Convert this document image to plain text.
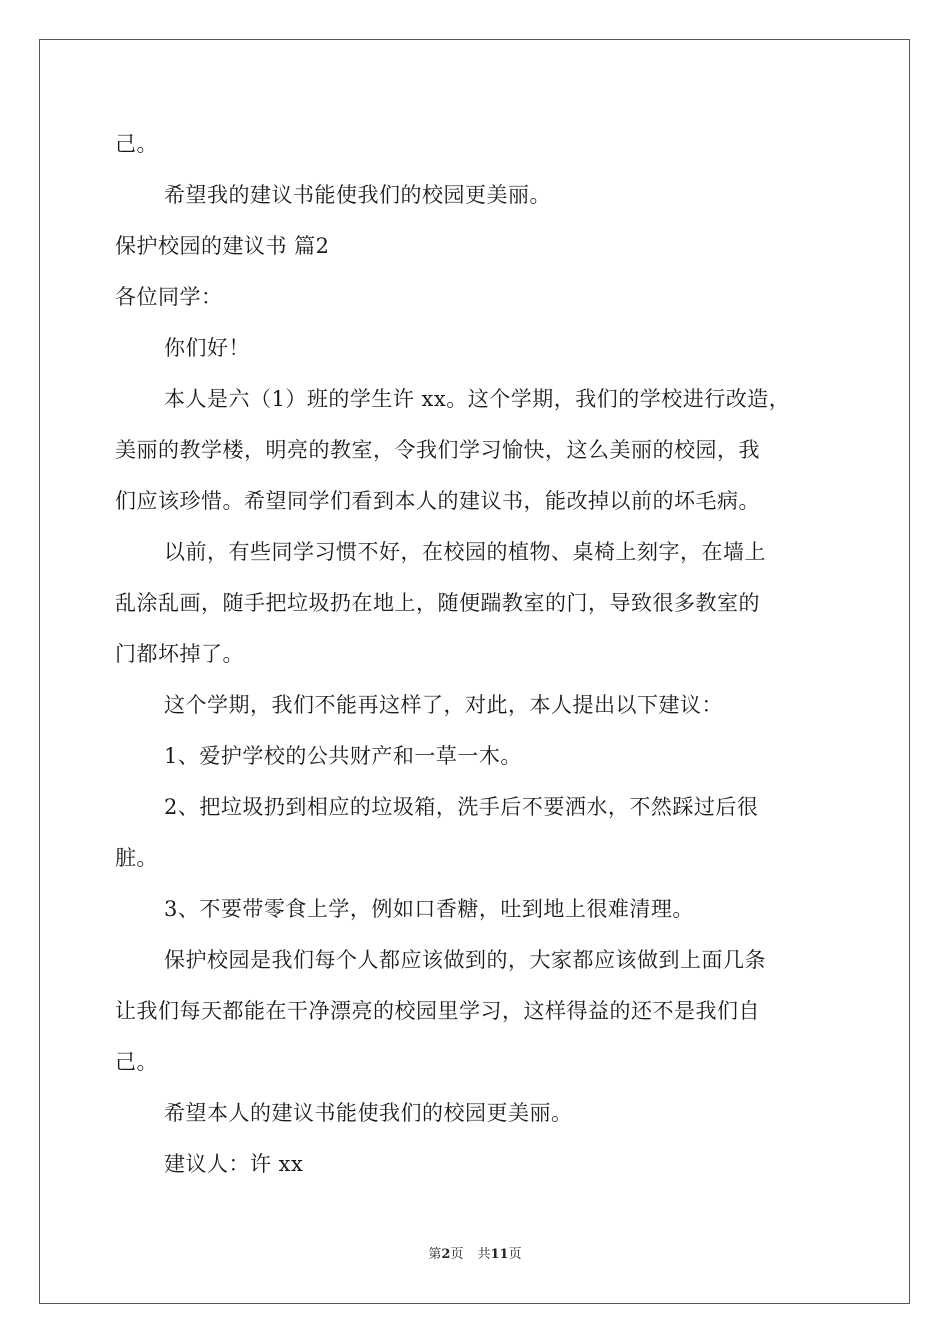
己。
希望我的建议书能使我们的校园更美丽。
保护校园的建议书 篇2
各位同学：
你们好！
本人是六（1）班的学生许 xx。这个学期，我们的学校进行改造，
美丽的教学楼，明亮的教室，令我们学习愉快，这么美丽的校园，我
们应该珍惜。希望同学们看到本人的建议书，能改掉以前的坏毛病。
以前，有些同学习惯不好，在校园的植物、桌椅上刻字，在墙上
乱涂乱画，随手把垃圾扔在地上，随便踹教室的门，导致很多教室的
门都坏掉了。
这个学期，我们不能再这样了，对此，本人提出以下建议：
1、爱护学校的公共财产和一草一木。
2、把垃圾扔到相应的垃圾箱，洗手后不要洒水，不然踩过后很
脏。
3、不要带零食上学，例如口香糖，吐到地上很难清理。
保护校园是我们每个人都应该做到的，大家都应该做到上面几条
让我们每天都能在干净漂亮的校园里学习，这样得益的还不是我们自
己。
希望本人的建议书能使我们的校园更美丽。
建议人：许 xx
第2页 共11页
